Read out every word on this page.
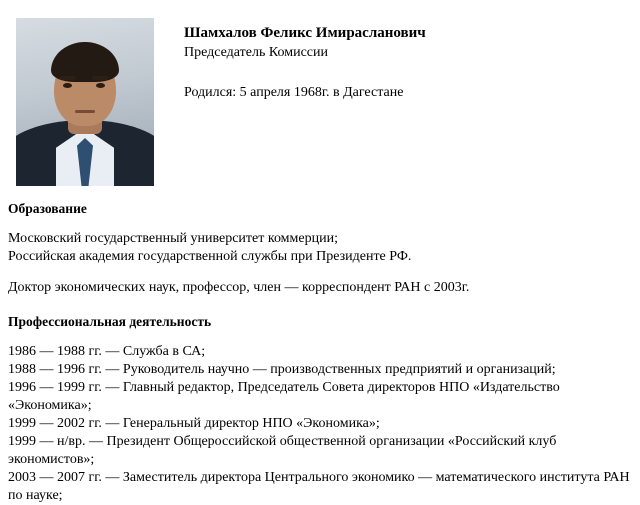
Шамхалов Феликс Имирасланович

Председатель Комиссии

Родился: 5 апреля 1968г. в Дагестане

Образование

Московский государственный университет коммерции;

Российская академия государственной службы при Президенте РФ.

Доктор экономических наук, профессор, член — корреспондент РАН с 2003г.

Профессиональная деятельность

1986 — 1988 гг. — Служба в СА;

1988 — 1996 гг. — Руководитель научно — производственных предприятий и организаций;

1996 — 1999 гг. — Главный редактор, Председатель Совета директоров НПО «Издательство «Экономика»;

1999 — 2002 гг. — Генеральный директор НПО «Экономика»;

1999 — н/вр. — Президент Общероссийской общественной организации «Российский клуб экономистов»;

2003 — 2007 гг. — Заместитель директора Центрального экономико — математического института РАН по науке;
